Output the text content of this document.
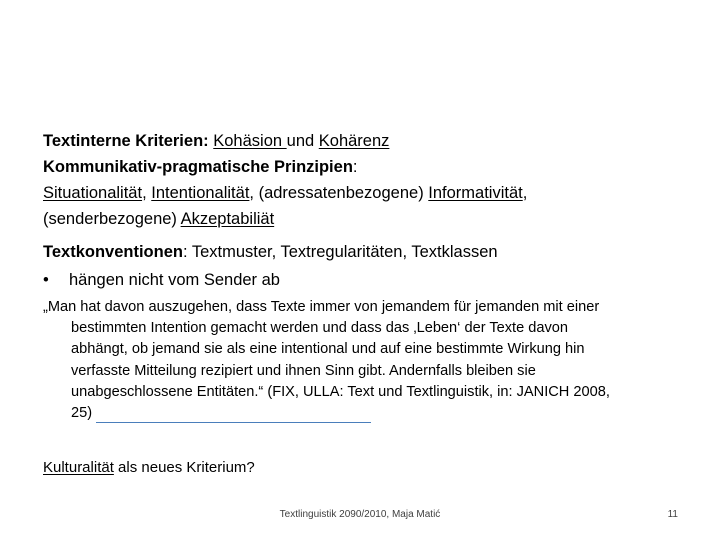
Textinterne Kriterien: Kohäsion und Kohärenz
Kommunikativ-pragmatische Prinzipien:
Situationalität, Intentionalität, (adressatenbezogene) Informativität,
(senderbezogene) Akzeptabiliät
Textkonventionen: Textmuster, Textregularitäten, Textklassen
• hängen nicht vom Sender ab
„Man hat davon auszugehen, dass Texte immer von jemandem für jemanden mit einer
bestimmten Intention gemacht werden und dass das ‚Leben‘ der Texte davon
abhängt, ob jemand sie als eine intentional und auf eine bestimmte Wirkung hin
verfasste Mitteilung rezipiert und ihnen Sinn gibt. Andernfalls bleiben sie
unabgeschlossene Entitäten.“ (FIX, ULLA: Text und Textlinguistik, in: JANICH 2008,
25)
Kulturalität als neues Kriterium?
Textlinguistik 2090/2010, Maja Matić	11
